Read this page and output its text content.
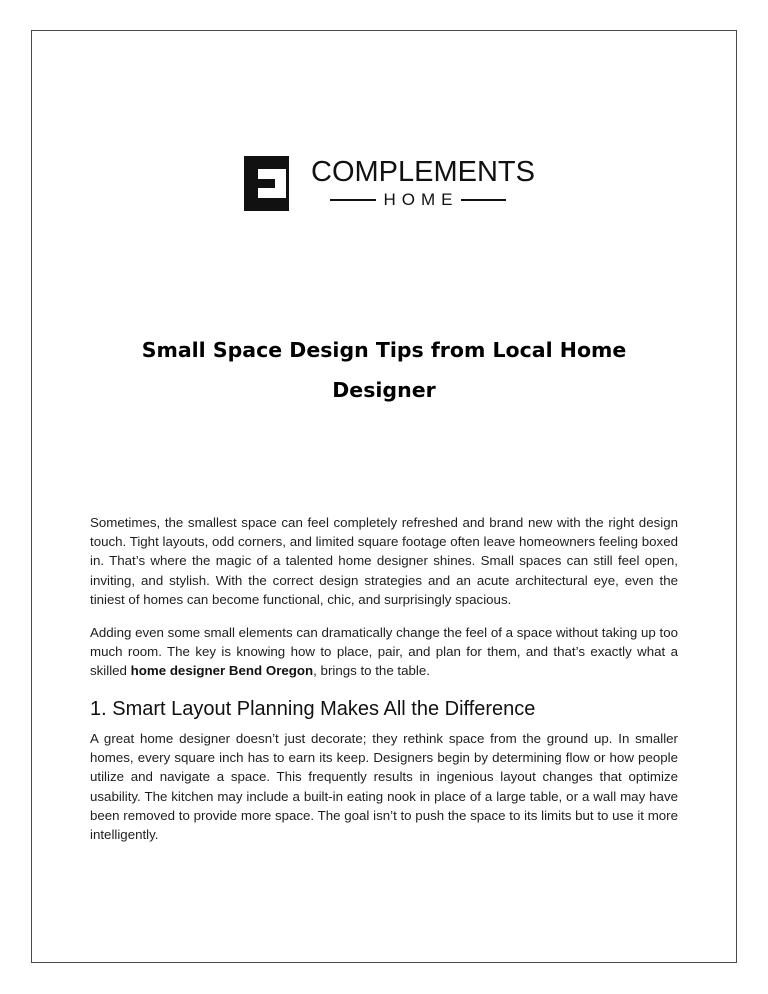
COMPLEMENTS
HOME
Small Space Design Tips from Local Home Designer

Sometimes, the smallest space can feel completely refreshed and brand new with the right design touch. Tight layouts, odd corners, and limited square footage often leave homeowners feeling boxed in. That’s where the magic of a talented home designer shines. Small spaces can still feel open, inviting, and stylish. With the correct design strategies and an acute architectural eye, even the tiniest of homes can become functional, chic, and surprisingly spacious.

Adding even some small elements can dramatically change the feel of a space without taking up too much room. The key is knowing how to place, pair, and plan for them, and that’s exactly what a skilled home designer Bend Oregon, brings to the table.

1. Smart Layout Planning Makes All the Difference

A great home designer doesn’t just decorate; they rethink space from the ground up. In smaller homes, every square inch has to earn its keep. Designers begin by determining flow or how people utilize and navigate a space. This frequently results in ingenious layout changes that optimize usability. The kitchen may include a built-in eating nook in place of a large table, or a wall may have been removed to provide more space. The goal isn’t to push the space to its limits but to use it more intelligently.
